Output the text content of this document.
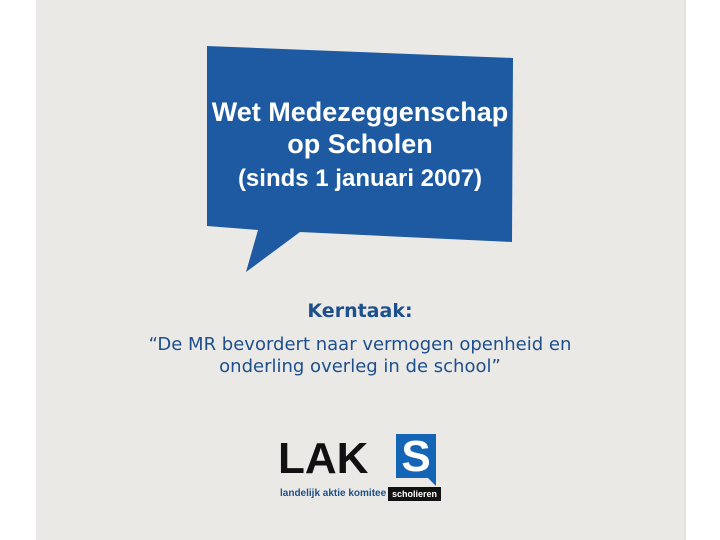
Wet Medezeggenschap
op Scholen
(sinds 1 januari 2007)
Kerntaak:
“De MR bevordert naar vermogen openheid en
onderling overleg in de school”
LAK S
landelijk aktie komitee scholieren
